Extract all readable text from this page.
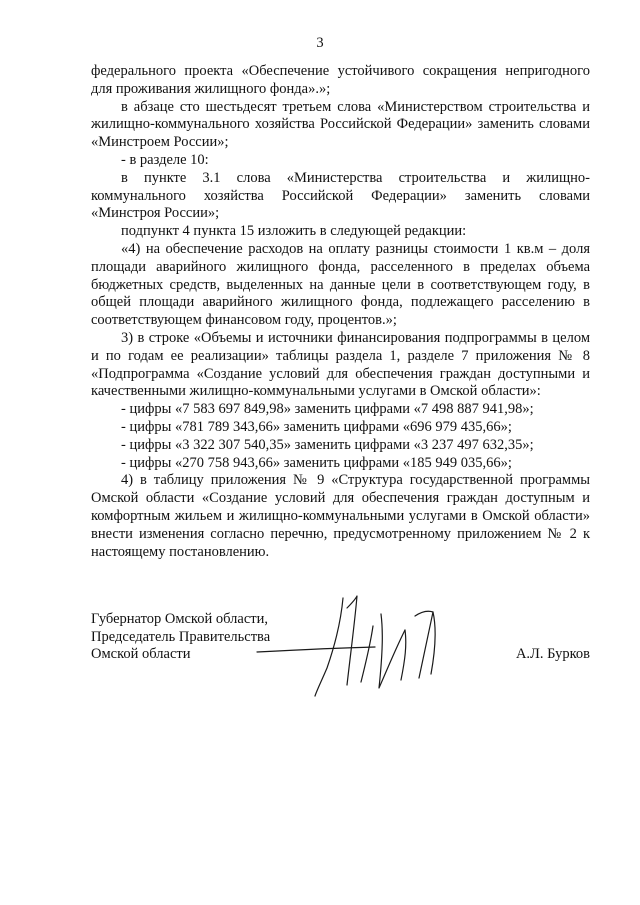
3

федерального проекта «Обеспечение устойчивого сокращения непригодного для проживания жилищного фонда».»;

в абзаце сто шестьдесят третьем слова «Министерством строительства и жилищно-коммунального хозяйства Российской Федерации» заменить словами «Минстроем России»;

- в разделе 10:

в пункте 3.1 слова «Министерства строительства и жилищно-коммунального хозяйства Российской Федерации» заменить словами «Минстроя России»;

подпункт 4 пункта 15 изложить в следующей редакции:

«4) на обеспечение расходов на оплату разницы стоимости 1 кв.м – доля площади аварийного жилищного фонда, расселенного в пределах объема бюджетных средств, выделенных на данные цели в соответствующем году, в общей площади аварийного жилищного фонда, подлежащего расселению в соответствующем финансовом году, процентов.»;

3) в строке «Объемы и источники финансирования подпрограммы в целом и по годам ее реализации» таблицы раздела 1, разделе 7 приложения № 8 «Подпрограмма «Создание условий для обеспечения граждан доступными и качественными жилищно-коммунальными услугами в Омской области»:

- цифры «7 583 697 849,98» заменить цифрами «7 498 887 941,98»;

- цифры «781 789 343,66» заменить цифрами «696 979 435,66»;

- цифры «3 322 307 540,35» заменить цифрами «3 237 497 632,35»;

- цифры «270 758 943,66» заменить цифрами «185 949 035,66»;

4) в таблицу приложения № 9 «Структура государственной программы Омской области «Создание условий для обеспечения граждан доступным и комфортным жильем и жилищно-коммунальными услугами в Омской области» внести изменения согласно перечню, предусмотренному приложением № 2 к настоящему постановлению.

Губернатор Омской области,

Председатель Правительства

Омской области	А.Л. Бурков
